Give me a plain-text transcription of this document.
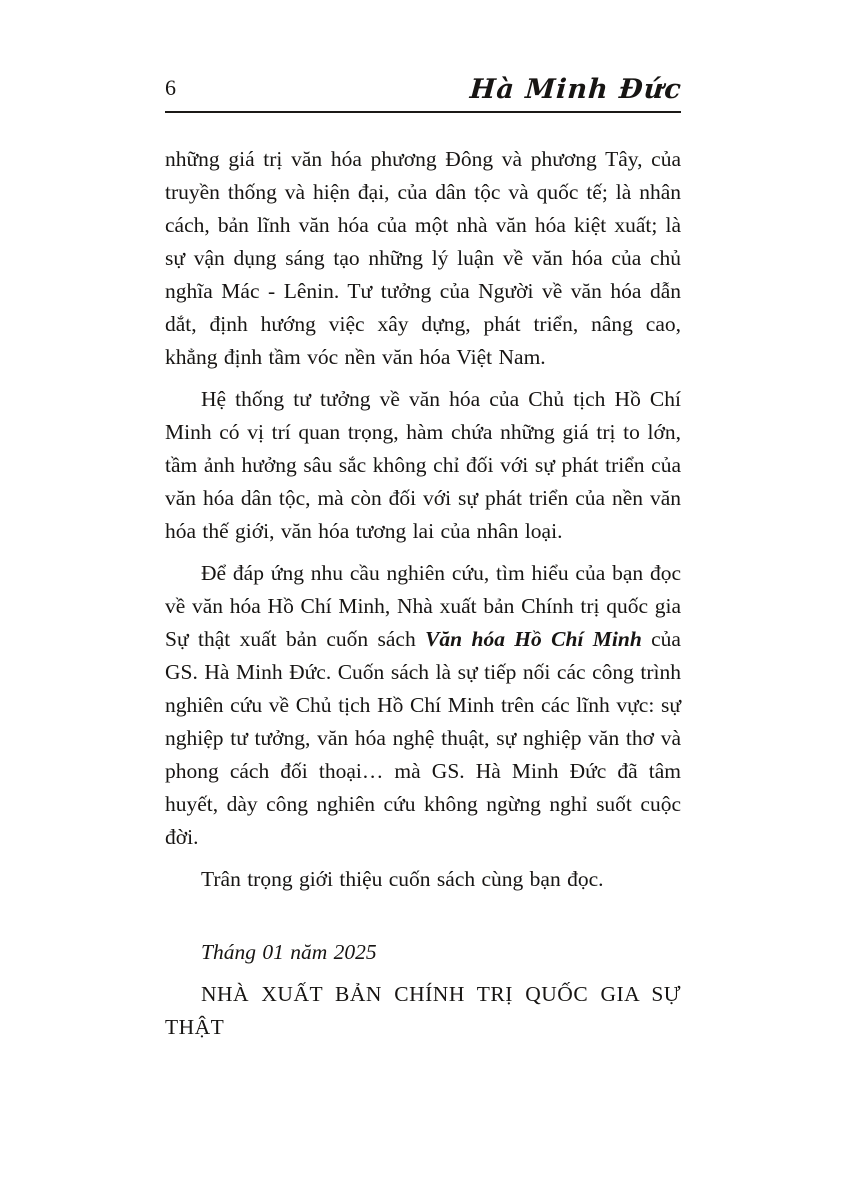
6	Hà Minh Đức

những giá trị văn hóa phương Đông và phương Tây, của truyền thống và hiện đại, của dân tộc và quốc tế; là nhân cách, bản lĩnh văn hóa của một nhà văn hóa kiệt xuất; là sự vận dụng sáng tạo những lý luận về văn hóa của chủ nghĩa Mác - Lênin. Tư tưởng của Người về văn hóa dẫn dắt, định hướng việc xây dựng, phát triển, nâng cao, khẳng định tầm vóc nền văn hóa Việt Nam.

Hệ thống tư tưởng về văn hóa của Chủ tịch Hồ Chí Minh có vị trí quan trọng, hàm chứa những giá trị to lớn, tầm ảnh hưởng sâu sắc không chỉ đối với sự phát triển của văn hóa dân tộc, mà còn đối với sự phát triển của nền văn hóa thế giới, văn hóa tương lai của nhân loại.

Để đáp ứng nhu cầu nghiên cứu, tìm hiểu của bạn đọc về văn hóa Hồ Chí Minh, Nhà xuất bản Chính trị quốc gia Sự thật xuất bản cuốn sách Văn hóa Hồ Chí Minh của GS. Hà Minh Đức. Cuốn sách là sự tiếp nối các công trình nghiên cứu về Chủ tịch Hồ Chí Minh trên các lĩnh vực: sự nghiệp tư tưởng, văn hóa nghệ thuật, sự nghiệp văn thơ và phong cách đối thoại… mà GS. Hà Minh Đức đã tâm huyết, dày công nghiên cứu không ngừng nghỉ suốt cuộc đời.

Trân trọng giới thiệu cuốn sách cùng bạn đọc.

Tháng 01 năm 2025

NHÀ XUẤT BẢN CHÍNH TRỊ QUỐC GIA SỰ THẬT
